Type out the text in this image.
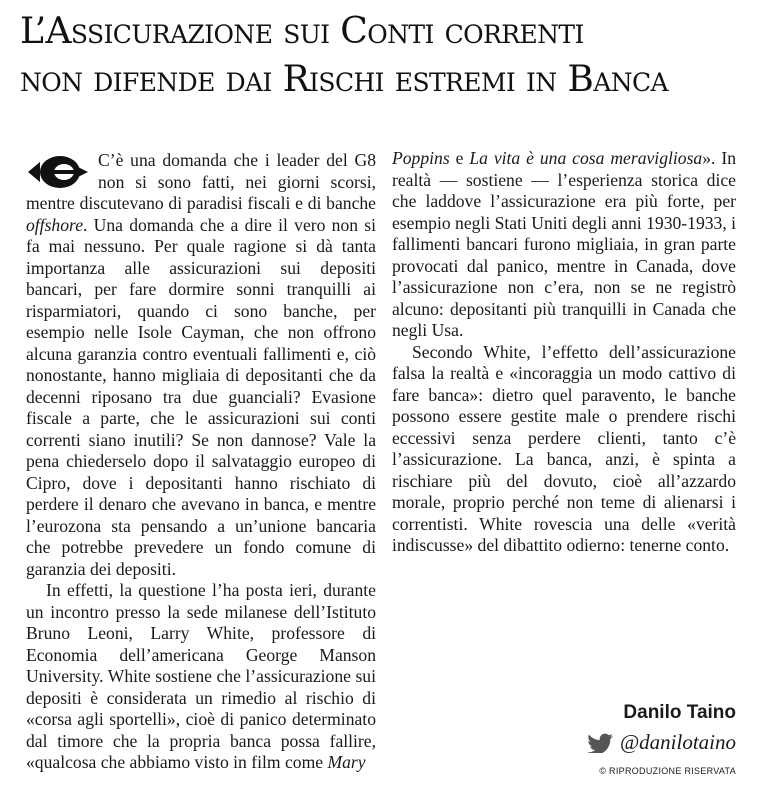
L’Assicurazione sui Conti correnti
non difende dai Rischi estremi in Banca

C’è una domanda che i leader del G8 non si sono fatti, nei giorni scorsi, mentre discutevano di paradisi fiscali e di banche offshore. Una domanda che a dire il vero non si fa mai nessuno. Per quale ragione si dà tanta importanza alle assicurazioni sui depositi bancari, per fare dormire sonni tranquilli ai risparmiatori, quando ci sono banche, per esempio nelle Isole Cayman, che non offrono alcuna garanzia contro eventuali fallimenti e, ciò nonostante, hanno migliaia di depositanti che da decenni riposano tra due guanciali? Evasione fiscale a parte, che le assicurazioni sui conti correnti siano inutili? Se non dannose? Vale la pena chiederselo dopo il salvataggio europeo di Cipro, dove i depositanti hanno rischiato di perdere il denaro che avevano in banca, e mentre l’eurozona sta pensando a un’unione bancaria che potrebbe prevedere un fondo comune di garanzia dei depositi.

In effetti, la questione l’ha posta ieri, durante un incontro presso la sede milanese dell’Istituto Bruno Leoni, Larry White, professore di Economia dell’americana George Manson University. White sostiene che l’assicurazione sui depositi è considerata un rimedio al rischio di «corsa agli sportelli», cioè di panico determinato dal timore che la propria banca possa fallire, «qualcosa che abbiamo visto in film come Mary

Poppins e La vita è una cosa meravigliosa». In realtà — sostiene — l’esperienza storica dice che laddove l’assicurazione era più forte, per esempio negli Stati Uniti degli anni 1930-1933, i fallimenti bancari furono migliaia, in gran parte provocati dal panico, mentre in Canada, dove l’assicurazione non c’era, non se ne registrò alcuno: depositanti più tranquilli in Canada che negli Usa.

Secondo White, l’effetto dell’assicurazione falsa la realtà e «incoraggia un modo cattivo di fare banca»: dietro quel paravento, le banche possono essere gestite male o prendere rischi eccessivi senza perdere clienti, tanto c’è l’assicurazione. La banca, anzi, è spinta a rischiare più del dovuto, cioè all’azzardo morale, proprio perché non teme di alienarsi i correntisti. White rovescia una delle «verità indiscusse» del dibattito odierno: tenerne conto.

Danilo Taino
@danilotaino
© RIPRODUZIONE RISERVATA
